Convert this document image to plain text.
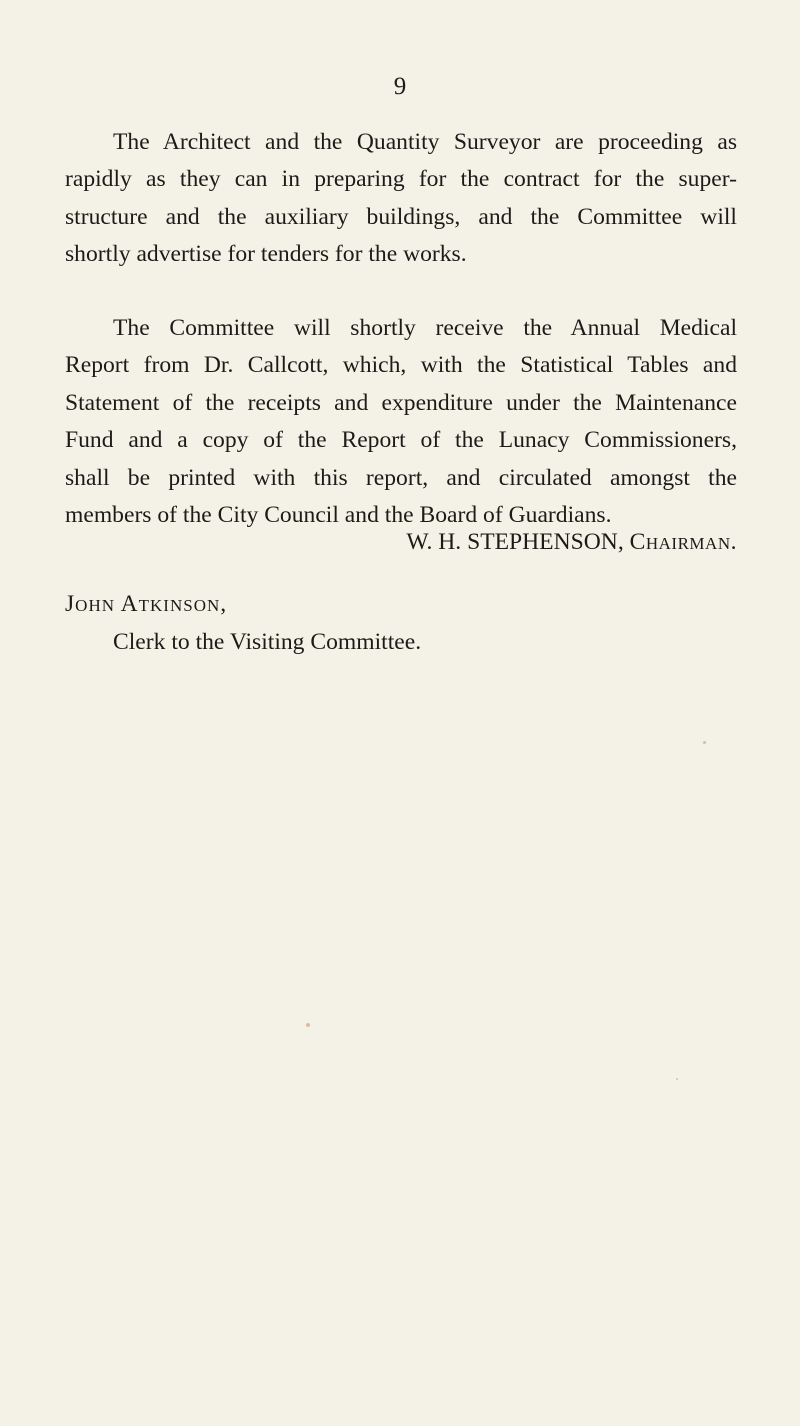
9
The Architect and the Quantity Surveyor are proceeding as
rapidly as they can in preparing for the contract for the super-
structure and the auxiliary buildings, and the Committee will
shortly advertise for tenders for the works.
The Committee will shortly receive the Annual Medical
Report from Dr. Callcott, which, with the Statistical Tables and
Statement of the receipts and expenditure under the Maintenance
Fund and a copy of the Report of the Lunacy Commissioners,
shall be printed with this report, and circulated amongst the
members of the City Council and the Board of Guardians.
W. H. STEPHENSON, Chairman.
John Atkinson,
Clerk to the Visiting Committee.
